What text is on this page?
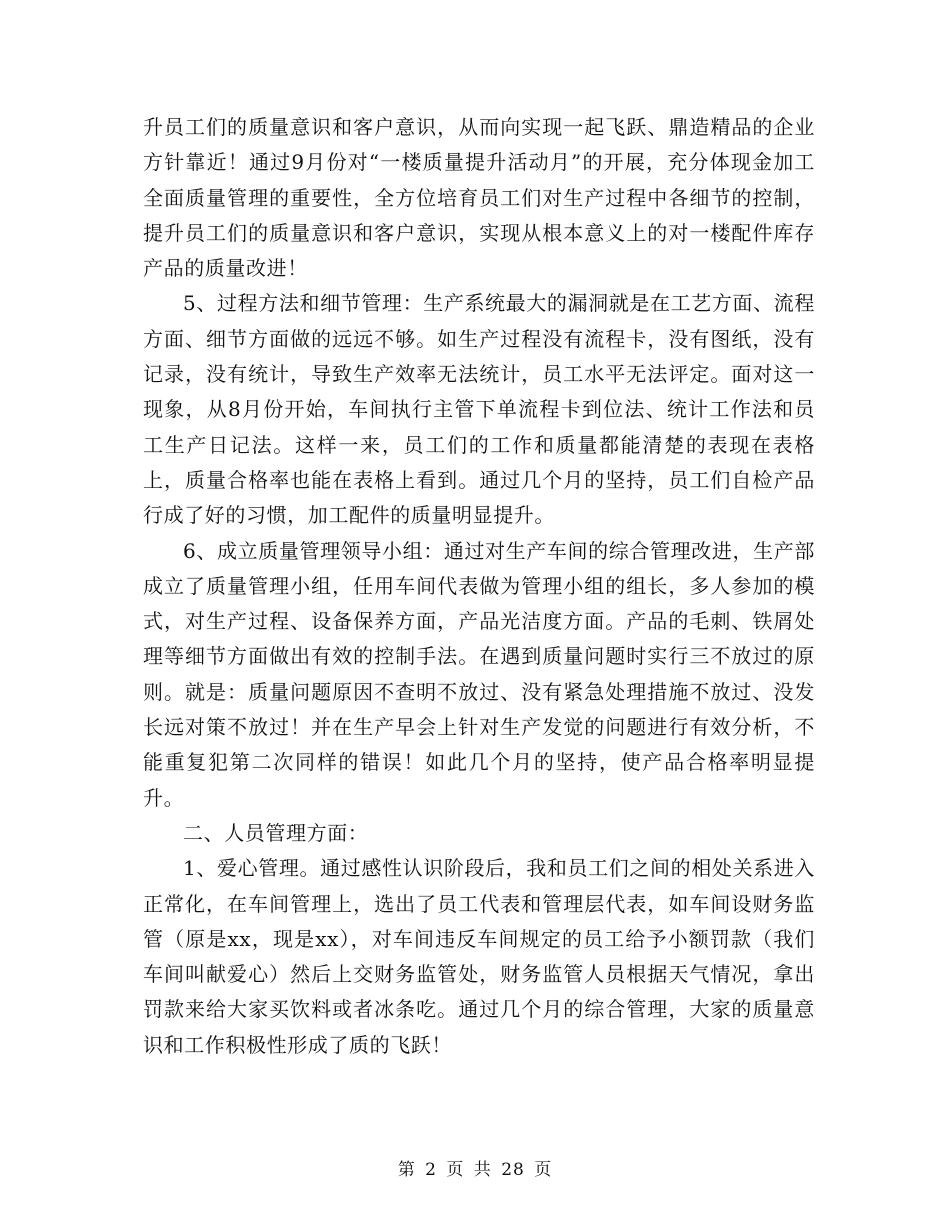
升员工们的质量意识和客户意识，从而向实现一起飞跃、鼎造精品的企业方针靠近！通过9月份对“一楼质量提升活动月”的开展，充分体现金加工全面质量管理的重要性，全方位培育员工们对生产过程中各细节的控制，提升员工们的质量意识和客户意识，实现从根本意义上的对一楼配件库存产品的质量改进！

5、过程方法和细节管理：生产系统最大的漏洞就是在工艺方面、流程方面、细节方面做的远远不够。如生产过程没有流程卡，没有图纸，没有记录，没有统计，导致生产效率无法统计，员工水平无法评定。面对这一现象，从8月份开始，车间执行主管下单流程卡到位法、统计工作法和员工生产日记法。这样一来，员工们的工作和质量都能清楚的表现在表格上，质量合格率也能在表格上看到。通过几个月的坚持，员工们自检产品行成了好的习惯，加工配件的质量明显提升。

6、成立质量管理领导小组：通过对生产车间的综合管理改进，生产部成立了质量管理小组，任用车间代表做为管理小组的组长，多人参加的模式，对生产过程、设备保养方面，产品光洁度方面。产品的毛刺、铁屑处理等细节方面做出有效的控制手法。在遇到质量问题时实行三不放过的原则。就是：质量问题原因不查明不放过、没有紧急处理措施不放过、没发长远对策不放过！并在生产早会上针对生产发觉的问题进行有效分析，不能重复犯第二次同样的错误！如此几个月的坚持，使产品合格率明显提升。

二、人员管理方面：

1、爱心管理。通过感性认识阶段后，我和员工们之间的相处关系进入正常化，在车间管理上，选出了员工代表和管理层代表，如车间设财务监管（原是xx，现是xx），对车间违反车间规定的员工给予小额罚款（我们车间叫献爱心）然后上交财务监管处，财务监管人员根据天气情况，拿出罚款来给大家买饮料或者冰条吃。通过几个月的综合管理，大家的质量意识和工作积极性形成了质的飞跃！

第 2 页 共 28 页
